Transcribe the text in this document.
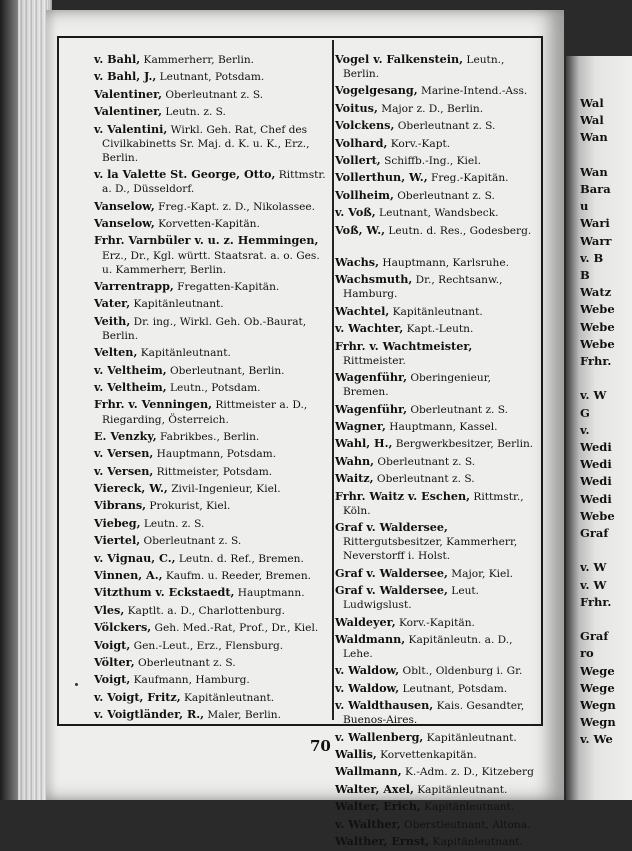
v. Bahl, Kammerherr, Berlin.
v. Bahl, J., Leutnant, Potsdam.
Valentiner, Oberleutnant z. S.
Valentiner, Leutn. z. S.
v. Valentini, Wirkl. Geh. Rat, Chef des Civilkabinetts Sr. Maj. d. K. u. K., Erz., Berlin.
v. la Valette St. George, Otto, Rittmstr. a. D., Düsseldorf.
Vanselow, Freg.-Kapt. z. D., Nikolassee.
Vanselow, Korvetten-Kapitän.
Frhr. Varnbüler v. u. z. Hemmingen, Erz., Dr., Kgl. württ. Staatsrat. a. o. Ges. u. Kammerherr, Berlin.
Varrentrapp, Fregatten-Kapitän.
Vater, Kapitänleutnant.
Veith, Dr. ing., Wirkl. Geh. Ob.-Baurat, Berlin.
Velten, Kapitänleutnant.
v. Veltheim, Oberleutnant, Berlin.
v. Veltheim, Leutn., Potsdam.
Frhr. v. Venningen, Rittmeister a. D., Riegarding, Österreich.
E. Venzky, Fabrikbes., Berlin.
v. Versen, Hauptmann, Potsdam.
v. Versen, Rittmeister, Potsdam.
Viereck, W., Zivil-Ingenieur, Kiel.
Vibrans, Prokurist, Kiel.
Viebeg, Leutn. z. S.
Viertel, Oberleutnant z. S.
v. Vignau, C., Leutn. d. Ref., Bremen.
Vinnen, A., Kaufm. u. Reeder, Bremen.
Vitzthum v. Eckstaedt, Hauptmann.
Vles, Kaptlt. a. D., Charlottenburg.
Völckers, Geh. Med.-Rat, Prof., Dr., Kiel.
Voigt, Gen.-Leut., Erz., Flensburg.
Völter, Oberleutnant z. S.
Voigt, Kaufmann, Hamburg.
v. Voigt, Fritz, Kapitänleutnant.
v. Voigtländer, R., Maler, Berlin.
Vogel v. Falkenstein, Leutn., Berlin.
Vogelgesang, Marine-Intend.-Ass.
Voitus, Major z. D., Berlin.
Volckens, Oberleutnant z. S.
Volhard, Korv.-Kapt.
Vollert, Schiffb.-Ing., Kiel.
Vollerthun, W., Freg.-Kapitän.
Vollheim, Oberleutnant z. S.
v. Voß, Leutnant, Wandsbeck.
Voß, W., Leutn. d. Res., Godesberg.
Wachs, Hauptmann, Karlsruhe.
Wachsmuth, Dr., Rechtsanw., Hamburg.
Wachtel, Kapitänleutnant.
v. Wachter, Kapt.-Leutn.
Frhr. v. Wachtmeister, Rittmeister.
Wagenführ, Oberingenieur, Bremen.
Wagenführ, Oberleutnant z. S.
Wagner, Hauptmann, Kassel.
Wahl, H., Bergwerkbesitzer, Berlin.
Wahn, Oberleutnant z. S.
Waitz, Oberleutnant z. S.
Frhr. Waitz v. Eschen, Rittmstr., Köln.
Graf v. Waldersee, Rittergutsbesitzer, Kammerherr, Neverstorff i. Holst.
Graf v. Waldersee, Major, Kiel.
Graf v. Waldersee, Leut. Ludwigslust.
Waldeyer, Korv.-Kapitän.
Waldmann, Kapitänleutn. a. D., Lehe.
v. Waldow, Oblt., Oldenburg i. Gr.
v. Waldow, Leutnant, Potsdam.
v. Waldthausen, Kais. Gesandter, Buenos-Aires.
v. Wallenberg, Kapitänleutnant.
Wallis, Korvettenkapitän.
Wallmann, K.-Adm. z. D., Kitzeberg
Walter, Axel, Kapitänleutnant.
Walter, Erich, Kapitänleutnant.
v. Walther, Oberstleutnant, Altona.
Walther, Ernst, Kapitänleutnant.
70
Wal
Wal
Wan
Wan
Bara
u
Wari
Warr
v. B
B
Watz
Webe
Webe
Webe
Frhr.
v. W
G
v.
Wedi
Wedi
Wedi
Wedi
Webe
Graf
v. W
v. W
Frhr.
Graf
ro
Wege
Wege
Wegn
Wegn
v. We
